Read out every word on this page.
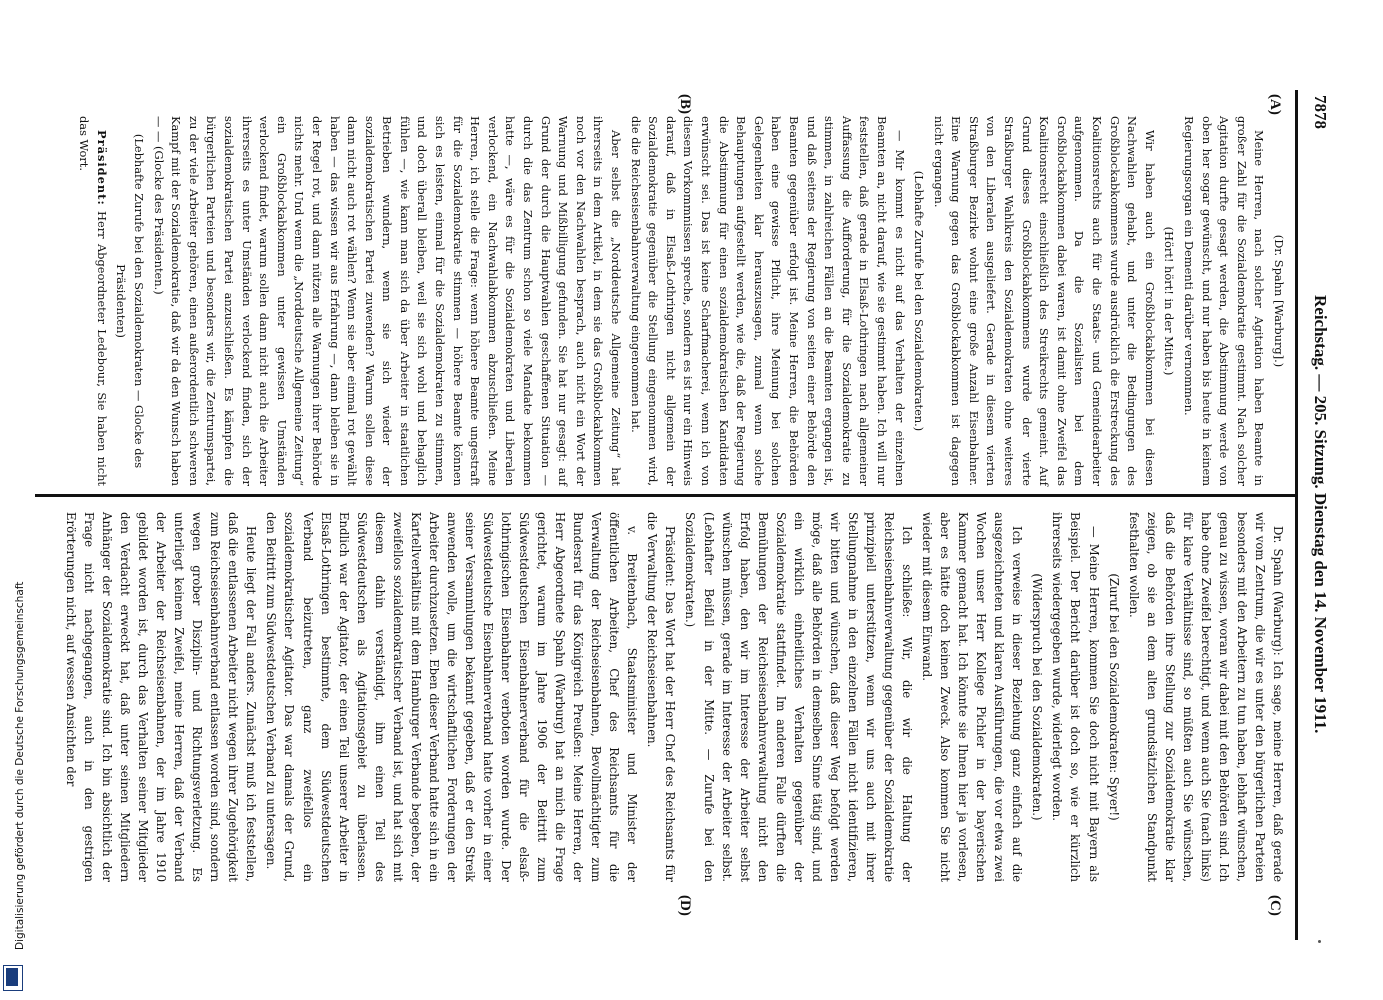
Digitalisierung gefördert durch die Deutsche Forschungsgemeinschaft
7878
Reichstag. — 205. Sitzung. Dienstag den 14. November 1911.
(A)
(B)
(C)
(D)

(Dr. Spahn [Warburg].)

Meine Herren, nach solcher Agitation haben Beamte in großer Zahl für die Sozialdemokratie gestimmt. Nach solcher Agitation durfte gesagt werden, die Abstimmung werde von oben her sogar gewünscht, und nur haben bis heute in keinem Regierungsorgan ein Dementi darüber vernommen.

(Hört! hört! in der Mitte.)

Wir haben auch ein Großblockabkommen bei diesen Nachwahlen gehabt, und unter die Bedingungen des Großblockabkommens wurde ausdrücklich die Erstreckung des Koalitionsrechts auch für die Staats- und Gemeindearbeiter aufgenommen. Da die Sozialisten bei dem Großblockabkommen dabei waren, ist damit ohne Zweifel das Koalitionsrecht einschließlich des Streikrechts gemeint. Auf Grund dieses Großblockabkommens wurde der vierte Straßburger Wahlkreis den Sozialdemokraten ohne weiteres von den Liberalen ausgeliefert. Gerade in diesem vierten Straßburger Bezirke wohnt eine große Anzahl Eisenbahner. Eine Warnung gegen das Großblockabkommen ist dagegen nicht ergangen.

(Lebhafte Zurufe bei den Sozialdemokraten.)

— Mir kommt es nicht auf das Verhalten der einzelnen Beamten an, nicht darauf, wie sie gestimmt haben. Ich will nur feststellen, daß gerade in Elsaß-Lothringen nach allgemeiner Auffassung die Aufforderung, für die Sozialdemokratie zu stimmen, in zahlreichen Fällen an die Beamten ergangen ist, und daß seitens der Regierung von seiten einer Behörde den Beamten gegenüber erfolgt ist. Meine Herren, die Behörden haben eine gewisse Pflicht, ihre Meinung bei solchen Gelegenheiten klar herauszusagen, zumal wenn solche Behauptungen aufgestellt werden, wie die, daß der Regierung die Abstimmung für einen sozialdemokratischen Kandidaten erwünscht sei. Das ist keine Scharfmacherei, wenn ich von diesem Vorkommnissen spreche, sondern es ist nur ein Hinweis darauf, daß in Elsaß-Lothringen nicht allgemein der Sozialdemokratie gegenüber die Stellung eingenommen wird, die die Reichseisenbahnverwaltung eingenommen hat.

Aber selbst die „Norddeutsche Allgemeine Zeitung“ hat ihrerseits in dem Artikel, in dem sie das Großblockabkommen noch vor den Nachwahlen besprach, auch nicht ein Wort der Warnung und Mißbilligung gefunden. Sie hat nur gesagt: auf Grund der durch die Hauptwahlen geschaffenen Situation — durch die das Zentrum schon so viele Mandate bekommen hatte —, wäre es für die Sozialdemokraten und Liberalen verlockend, ein Nachwahlabkommen abzuschließen. Meine Herren, ich stelle die Frage: wenn höhere Beamte ungestraft für die Sozialdemokratie stimmen — höhere Beamte können sich es leisten, einmal für die Sozialdemokraten zu stimmen, und doch überall bleiben, weil sie sich wohl und behaglich fühlen —, wie kann man sich da über Arbeiter in staatlichen Betrieben wundern, wenn sie sich wieder der sozialdemokratischen Partei zuwenden? Warum sollen diese dann nicht auch rot wählen? Wenn sie aber einmal rot gewählt haben — das wissen wir aus Erfahrung —, dann bleiben sie in der Regel rot, und dann nützen alle Warnungen ihrer Behörde nichts mehr. Und wenn die „Norddeutsche Allgemeine Zeitung“ ein Großblockabkommen unter gewissen Umständen verlockend findet, warum sollen dann nicht auch die Arbeiter ihrerseits es unter Umständen verlockend finden, sich der sozialdemokratischen Partei anzuschließen. Es kämpfen die bürgerlichen Parteien und besonders wir, die Zentrumspartei, zu der viele Arbeiter gehören, einen außerordentlich schweren Kampf mit der Sozialdemokratie, daß wir da den Wunsch haben — — (Glocke des Präsidenten.)

(Lebhafte Zurufe bei den Sozialdemokraten — Glocke des Präsidenten)

Präsident: Herr Abgeordneter Ledebour, Sie haben nicht das Wort.

Dr. Spahn (Warburg): Ich sage, meine Herren, daß gerade wir vom Zentrum, die wir es unter den bürgerlichen Parteien besonders mit den Arbeitern zu tun haben, lebhaft wünschen, genau zu wissen, woran wir dabei mit den Behörden sind. Ich habe ohne Zweifel berechtigt, und wenn auch Sie (nach links) für klare Verhältnisse sind, so müßten auch Sie wünschen, daß die Behörden ihre Stellung zur Sozialdemokratie klar zeigen, ob sie an dem alten grundsätzlichen Standpunkt festhalten wollen.

(Zuruf bei den Sozialdemokraten: Spyer!)

— Meine Herren, kommen Sie doch nicht mit Bayern als Beispiel. Der Bericht darüber ist doch so, wie er kürzlich ihrerseits wiedergegeben wurde, widerlegt worden.

(Widerspruch bei den Sozialdemokraten.)

Ich verweise in dieser Beziehung ganz einfach auf die ausgezeichneten und klaren Ausführungen, die vor etwa zwei Wochen unser Herr Kollege Pichler in der bayerischen Kammer gemacht hat. Ich könnte sie Ihnen hier ja vorlesen, aber es hätte doch keinen Zweck. Also kommen Sie nicht wieder mit diesem Einwand.

Ich schließe: Wir, die wir die Haltung der Reichseisenbahnverwaltung gegenüber der Sozialdemokratie prinzipiell unterstützen, wenn wir uns auch mit ihrer Stellungnahme in den einzelnen Fällen nicht identifizieren, wir bitten und wünschen, daß dieser Weg befolgt werden möge, daß alle Behörden in demselben Sinne tätig sind, und ein wirklich einheitliches Verhalten gegenüber der Sozialdemokratie stattfindet. Im anderen Falle dürften die Bemühungen der Reichseisenbahnverwaltung nicht den Erfolg haben, den wir im Interesse der Arbeiter selbst wünschen müssen, gerade im Interesse der Arbeiter selbst. (Lebhafter Beifall in der Mitte. — Zurufe bei den Sozialdemokraten.)

Präsident: Das Wort hat der Herr Chef des Reichsamts für die Verwaltung der Reichseisenbahnen.

v. Breitenbach, Staatsminister und Minister der öffentlichen Arbeiten, Chef des Reichsamts für die Verwaltung der Reichseisenbahnen, Bevollmächtigter zum Bundesrat für das Königreich Preußen: Meine Herren, der Herr Abgeordnete Spahn (Warburg) hat an mich die Frage gerichtet, warum im Jahre 1906 der Beitritt zum Südwestdeutschen Eisenbahnerverband für die elsaß-lothringischen Eisenbahner verboten worden wurde. Der Südwestdeutsche Eisenbahnerverband hatte vorher in einer seiner Versammlungen bekannt gegeben, daß er den Streik anwenden wolle, um die wirtschaftlichen Forderungen der Arbeiter durchzusetzen. Eben dieser Verband hatte sich in ein Kartellverhältnis mit dem Hamburger Verbande begeben, der zweifellos sozialdemokratischer Verband ist, und hat sich mit diesem dahin verständigt, ihm einen Teil des Südwestdeutschen als Agitationsgebiet zu überlassen. Endlich war der Agitator, der einen Teil unserer Arbeiter in Elsaß-Lothringen bestimmte, dem Südwestdeutschen Verband beizutreten, ganz zweifellos ein sozialdemokratischer Agitator. Das war damals der Grund, den Beitritt zum Südwestdeutschen Verband zu untersagen.

Heute liegt der Fall anders. Zunächst muß ich feststellen, daß die entlassenen Arbeiter nicht wegen ihrer Zugehörigkeit zum Reichseisenbahnverband entlassen worden sind, sondern wegen grober Disziplin- und Richtungsverletzung. Es unterliegt keinem Zweifel, meine Herren, daß der Verband der Arbeiter der Reichseisenbahnen, der im Jahre 1910 gebildet worden ist, durch das Verhalten seiner Mitglieder den Verdacht erweckt hat, daß unter seinen Mitgliedern Anhänger der Sozialdemokratie sind. Ich bin absichtlich der Frage nicht nachgegangen, auch in den gestrigen Erörterungen nicht, auf wessen Ansichten der
